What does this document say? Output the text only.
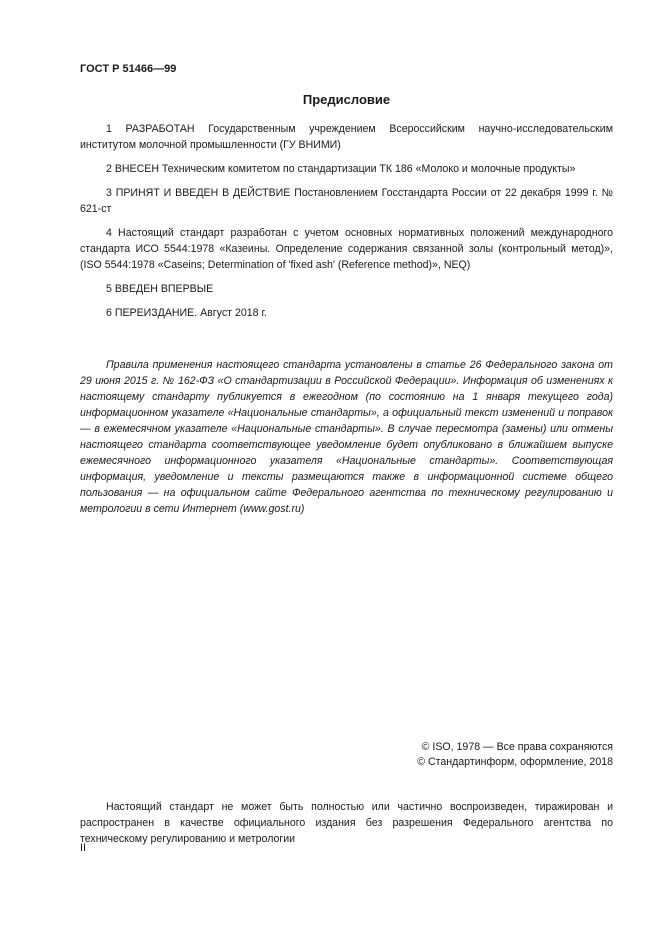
ГОСТ Р 51466—99
Предисловие

1 РАЗРАБОТАН Государственным учреждением Всероссийским научно-исследовательским институтом молочной промышленности (ГУ ВНИМИ)

2 ВНЕСЕН Техническим комитетом по стандартизации ТК 186 «Молоко и молочные продукты»

3 ПРИНЯТ И ВВЕДЕН В ДЕЙСТВИЕ Постановлением Госстандарта России от 22 декабря 1999 г. № 621-ст

4 Настоящий стандарт разработан с учетом основных нормативных положений международного стандарта ИСО 5544:1978 «Казеины. Определение содержания связанной золы (контрольный метод)», (ISO 5544:1978 «Caseins; Determination of 'fixed ash' (Reference method)», NEQ)

5 ВВЕДЕН ВПЕРВЫЕ

6 ПЕРЕИЗДАНИЕ. Август 2018 г.

Правила применения настоящего стандарта установлены в статье 26 Федерального закона от 29 июня 2015 г. № 162-ФЗ «О стандартизации в Российской Федерации». Информация об изменениях к настоящему стандарту публикуется в ежегодном (по состоянию на 1 января текущего года) информационном указателе «Национальные стандарты», а официальный текст изменений и поправок — в ежемесячном указателе «Национальные стандарты». В случае пересмотра (замены) или отмены настоящего стандарта соответствующее уведомление будет опубликовано в ближайшем выпуске ежемесячного информационного указателя «Национальные стандарты». Соответствующая информация, уведомление и тексты размещаются также в информационной системе общего пользования — на официальном сайте Федерального агентства по техническому регулированию и метрологии в сети Интернет (www.gost.ru)

© ISO, 1978 — Все права сохраняются
© Стандартинформ, оформление, 2018

Настоящий стандарт не может быть полностью или частично воспроизведен, тиражирован и распространен в качестве официального издания без разрешения Федерального агентства по техническому регулированию и метрологии

II
